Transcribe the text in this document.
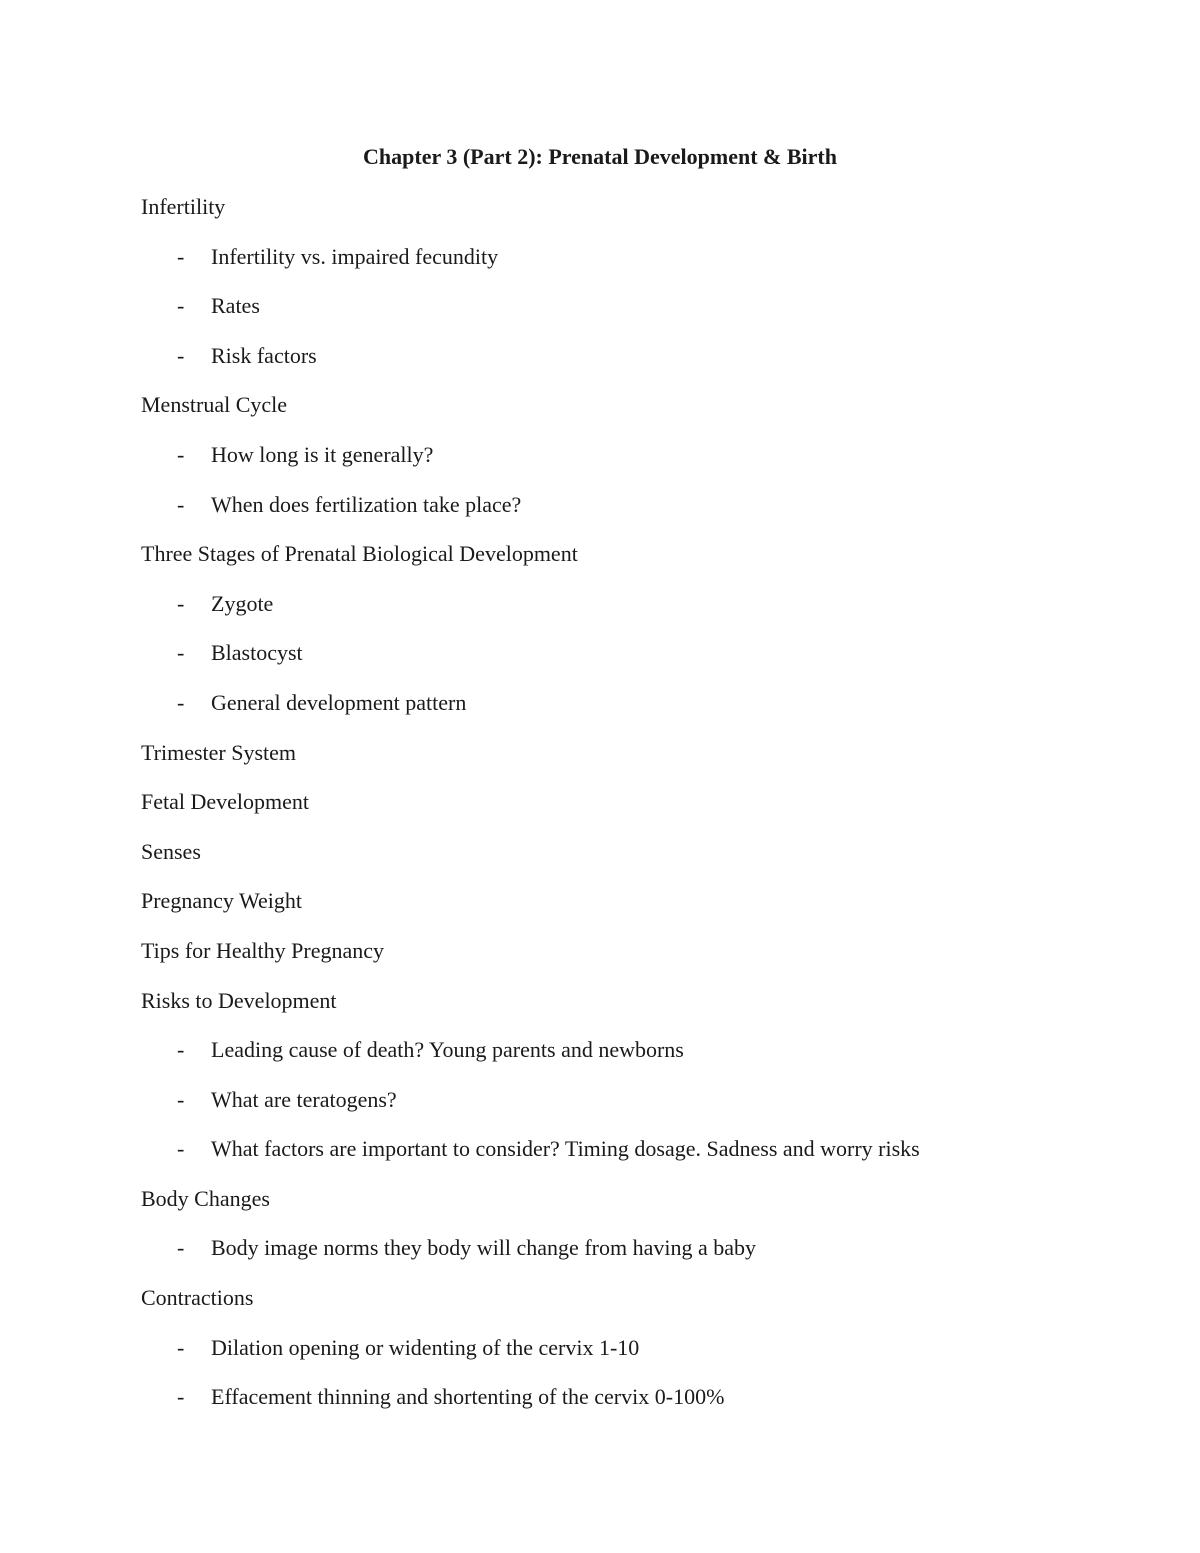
Chapter 3 (Part 2): Prenatal Development & Birth
Infertility
- Infertility vs. impaired fecundity
- Rates
- Risk factors
Menstrual Cycle
- How long is it generally?
- When does fertilization take place?
Three Stages of Prenatal Biological Development
- Zygote
- Blastocyst
- General development pattern
Trimester System
Fetal Development
Senses
Pregnancy Weight
Tips for Healthy Pregnancy
Risks to Development
- Leading cause of death? Young parents and newborns
- What are teratogens?
- What factors are important to consider? Timing dosage. Sadness and worry risks
Body Changes
- Body image norms they body will change from having a baby
Contractions
- Dilation opening or widenting of the cervix 1-10
- Effacement thinning and shortenting of the cervix 0-100%
